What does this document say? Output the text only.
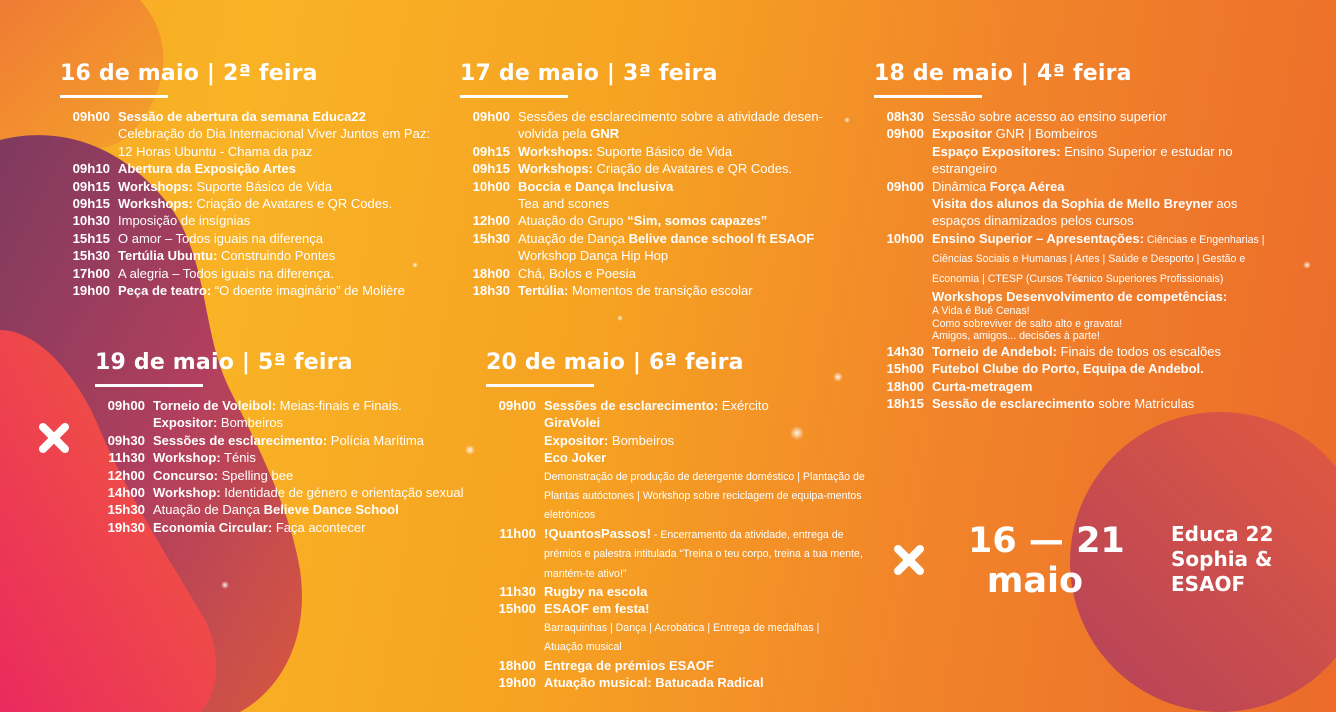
16 de maio | 2ª feira
09h00 Sessão de abertura da semana Educa22
Celebração do Dia Internacional Viver Juntos em Paz: 12 Horas Ubuntu - Chama da paz
09h10 Abertura da Exposição Artes
09h15 Workshops: Suporte Básico de Vida
09h15 Workshops: Criação de Avatares e QR Codes.
10h30 Imposição de insígnias
15h15 O amor – Todos iguais na diferença
15h30 Tertúlia Ubuntu: Construindo Pontes
17h00 A alegria – Todos iguais na diferença.
19h00 Peça de teatro: “O doente imaginário” de Molière
17 de maio | 3ª feira
09h00 Sessões de esclarecimento sobre a atividade desen-volvida pela GNR
09h15 Workshops: Suporte Básico de Vida
09h15 Workshops: Criação de Avatares e QR Codes.
10h00 Boccia e Dança Inclusiva
Tea and scones
12h00 Atuação do Grupo “Sim, somos capazes”
15h30 Atuação de Dança Belive dance school ft ESAOF
Workshop Dança Hip Hop
18h00 Chá, Bolos e Poesia
18h30 Tertúlia: Momentos de transição escolar
18 de maio | 4ª feira
08h30 Sessão sobre acesso ao ensino superior
09h00 Expositor GNR | Bombeiros
Espaço Expositores: Ensino Superior e estudar no estrangeiro
09h00 Dinâmica Força Aérea
Visita dos alunos da Sophia de Mello Breyner aos espaços dinamizados pelos cursos
10h00 Ensino Superior – Apresentações: Ciências e Engenharias | Ciências Sociais e Humanas | Artes | Saúde e Desporto | Gestão e Economia | CTESP (Cursos Técnico Superiores Profissionais)
Workshops Desenvolvimento de competências:
A Vida é Bué Cenas!
Como sobreviver de salto alto e gravata!
Amigos, amigos... decisões à parte!
14h30 Torneio de Andebol: Finais de todos os escalões
15h00 Futebol Clube do Porto, Equipa de Andebol.
18h00 Curta-metragem
18h15 Sessão de esclarecimento sobre Matrículas
19 de maio | 5ª feira
09h00 Torneio de Voleibol: Meias-finais e Finais.
Expositor: Bombeiros
09h30 Sessões de esclarecimento: Polícia Marítima
11h30 Workshop: Ténis
12h00 Concurso: Spelling bee
14h00 Workshop: Identidade de género e orientação sexual
15h30 Atuação de Dança Believe Dance School
19h30 Economia Circular: Faça acontecer
20 de maio | 6ª feira
09h00 Sessões de esclarecimento: Exército
GiraVolei
Expositor: Bombeiros
Eco Joker
Demonstração de produção de detergente doméstico | Plantação de Plantas autóctones | Workshop sobre reciclagem de equipa-mentos eletrónicos
11h00 !QuantosPassos! - Encerramento da atividade, entrega de prémios e palestra intitulada “Treina o teu corpo, treina a tua mente, mantém-te ativo!”
11h30 Rugby na escola
15h00 ESAOF em festa!
Barraquinhas | Dança | Acrobática | Entrega de medalhas | Atuação musical
18h00 Entrega de prémios ESAOF
19h00 Atuação musical: Batucada Radical
16 — 21
maio
Educa 22
Sophia &
ESAOF
